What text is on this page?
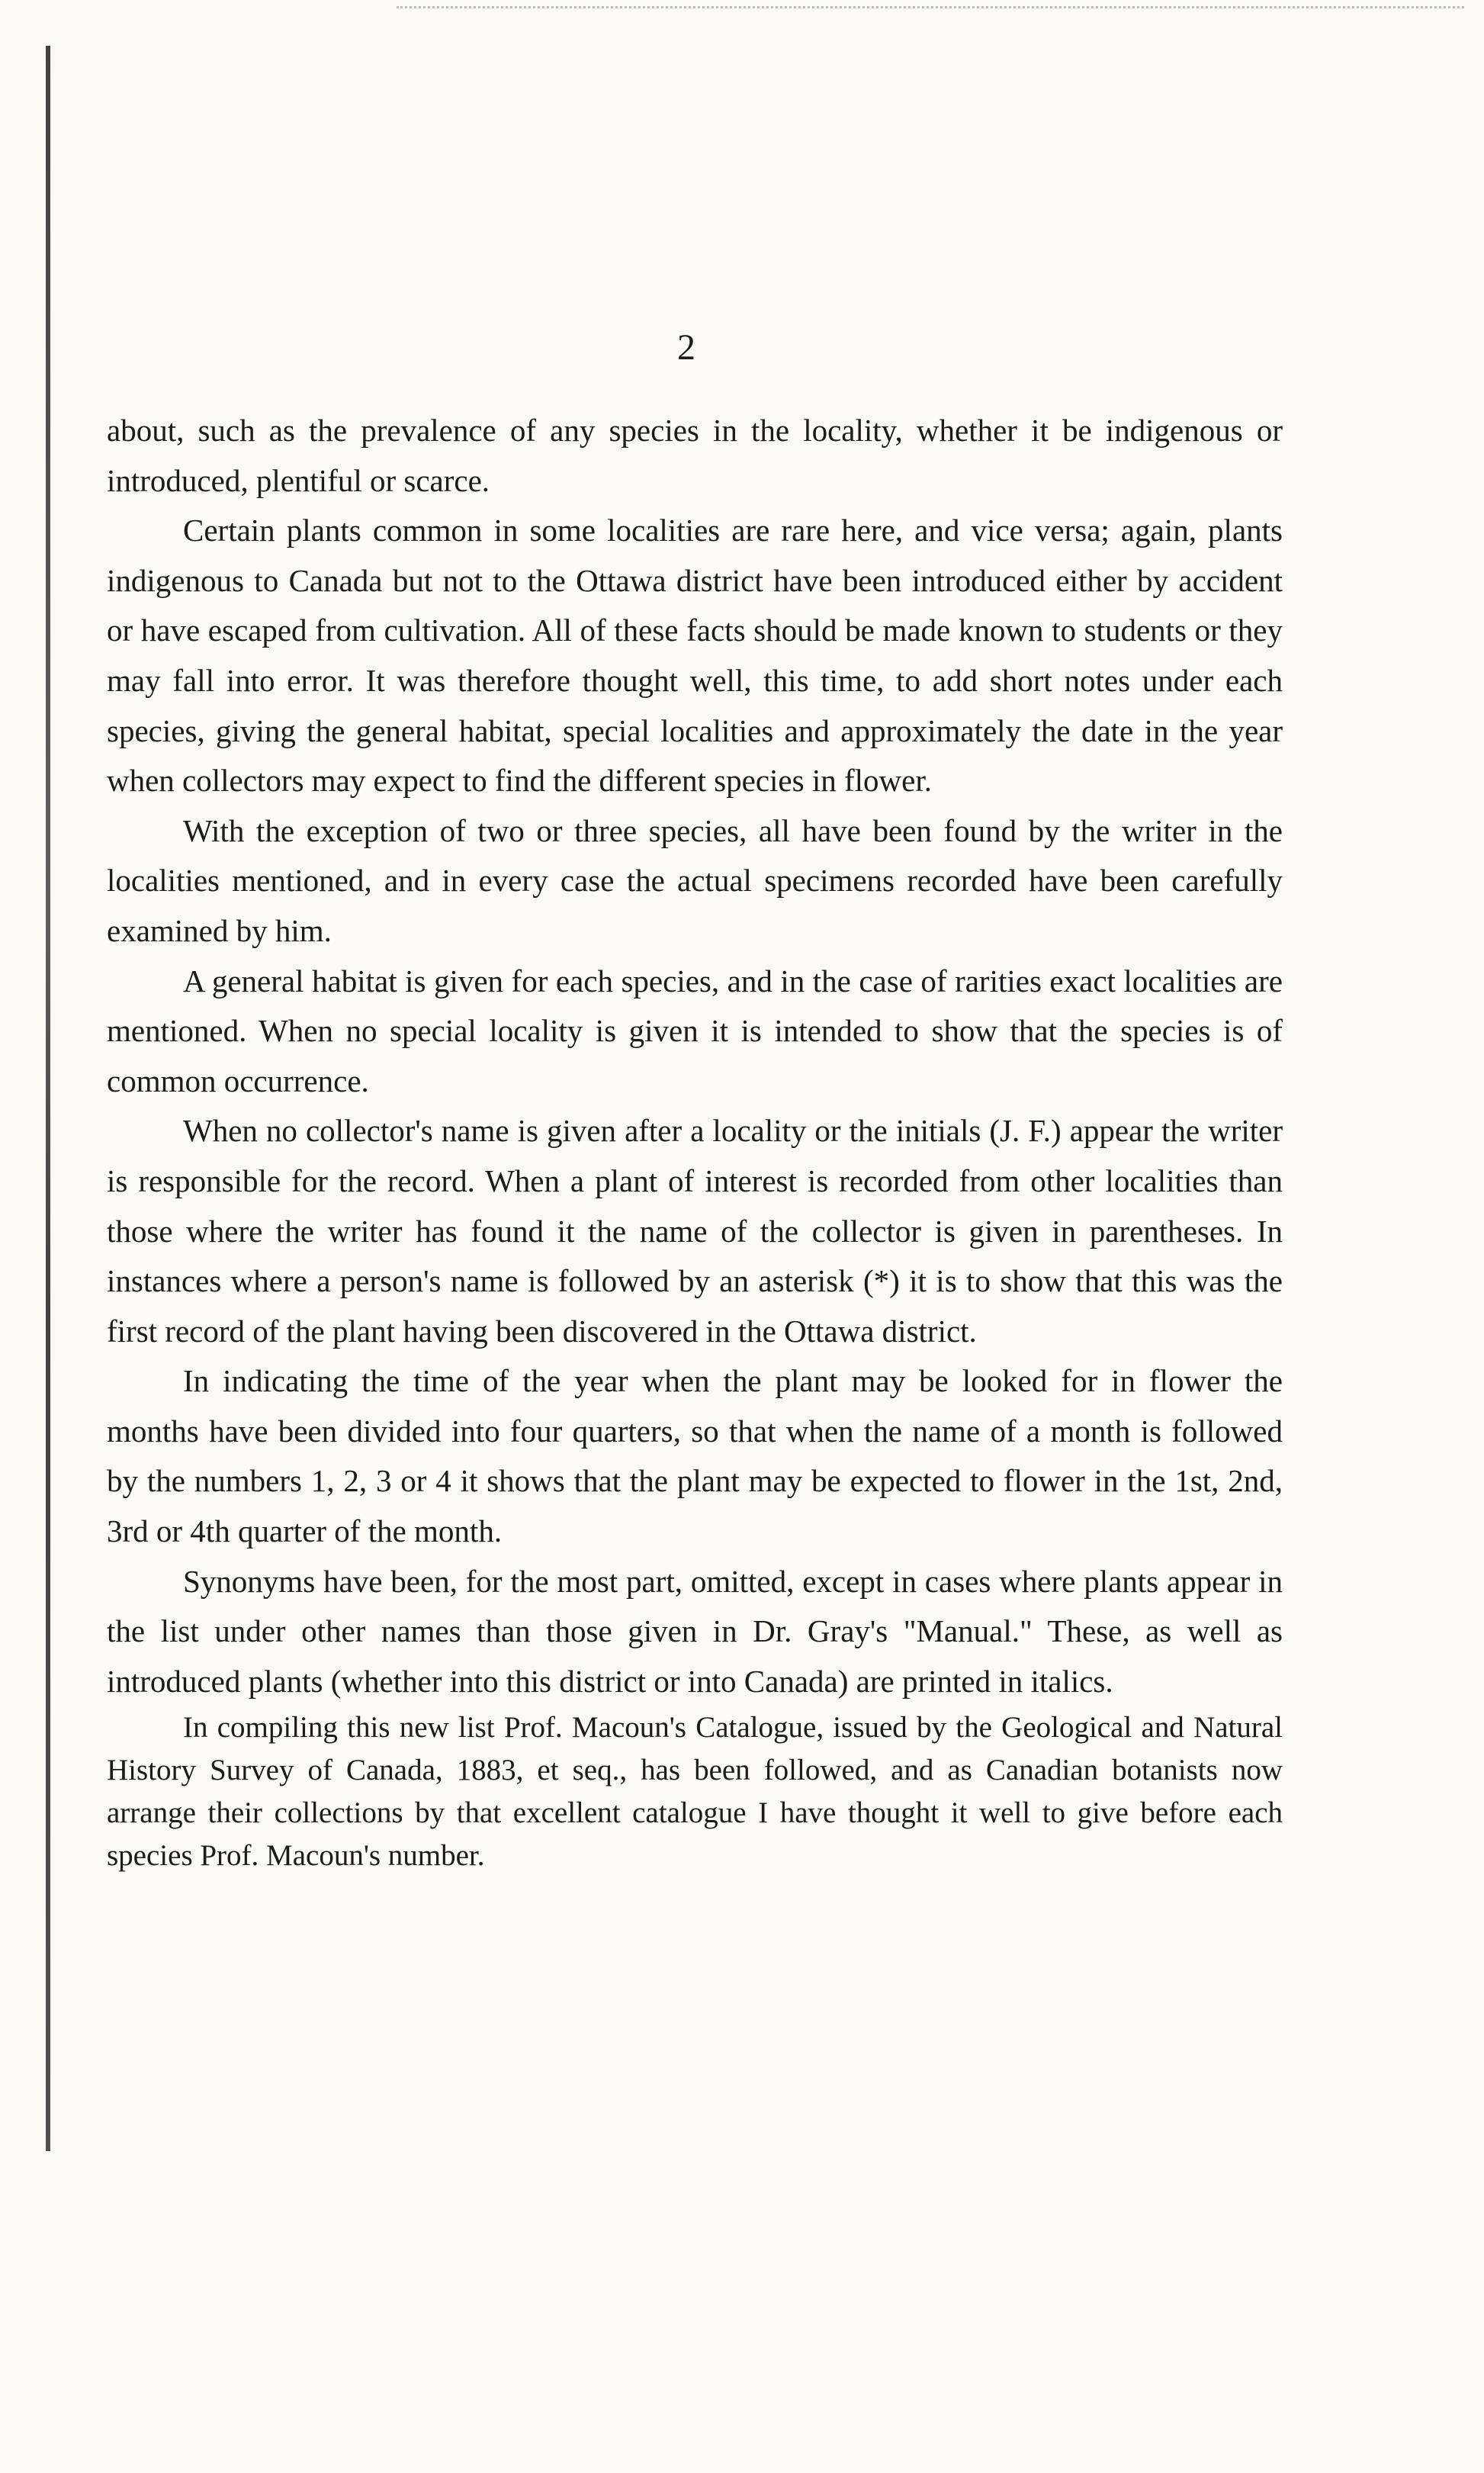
2

about, such as the prevalence of any species in the locality, whether it be indigenous or introduced, plentiful or scarce.

Certain plants common in some localities are rare here, and vice versa; again, plants indigenous to Canada but not to the Ottawa district have been introduced either by accident or have escaped from cultivation. All of these facts should be made known to students or they may fall into error. It was therefore thought well, this time, to add short notes under each species, giving the general habitat, special localities and approximately the date in the year when collectors may expect to find the different species in flower.

With the exception of two or three species, all have been found by the writer in the localities mentioned, and in every case the actual specimens recorded have been carefully examined by him.

A general habitat is given for each species, and in the case of rarities exact localities are mentioned. When no special locality is given it is intended to show that the species is of common occurrence.

When no collector's name is given after a locality or the initials (J. F.) appear the writer is responsible for the record. When a plant of interest is recorded from other localities than those where the writer has found it the name of the collector is given in parentheses. In instances where a person's name is followed by an asterisk (*) it is to show that this was the first record of the plant having been discovered in the Ottawa district.

In indicating the time of the year when the plant may be looked for in flower the months have been divided into four quarters, so that when the name of a month is followed by the numbers 1, 2, 3 or 4 it shows that the plant may be expected to flower in the 1st, 2nd, 3rd or 4th quarter of the month.

Synonyms have been, for the most part, omitted, except in cases where plants appear in the list under other names than those given in Dr. Gray's "Manual." These, as well as introduced plants (whether into this district or into Canada) are printed in italics.

In compiling this new list Prof. Macoun's Catalogue, issued by the Geological and Natural History Survey of Canada, 1883, et seq., has been followed, and as Canadian botanists now arrange their collections by that excellent catalogue I have thought it well to give before each species Prof. Macoun's number.
